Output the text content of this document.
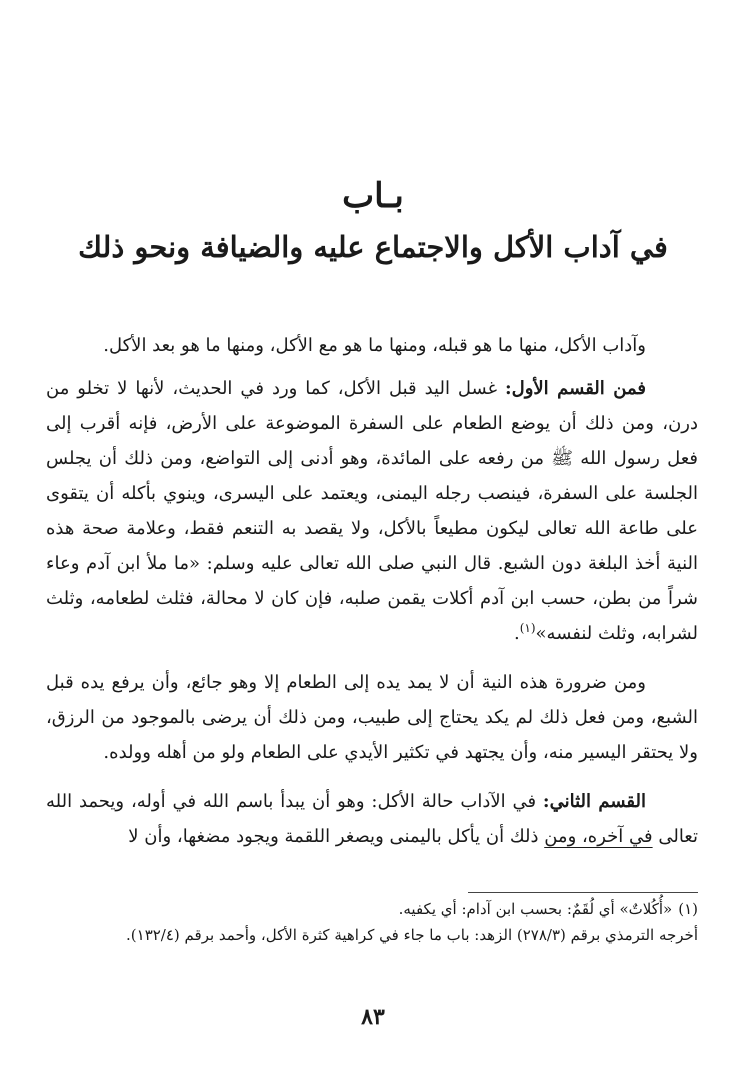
بـاب
في آداب الأكل والاجتماع عليه والضيافة ونحو ذلك

وآداب الأكل، منها ما هو قبله، ومنها ما هو مع الأكل، ومنها ما هو بعد الأكل.

فمن القسم الأول: غسل اليد قبل الأكل، كما ورد في الحديث، لأنها لا تخلو من درن، ومن ذلك أن يوضع الطعام على السفرة الموضوعة على الأرض، فإنه أقرب إلى فعل رسول الله ﷺ من رفعه على المائدة، وهو أدنى إلى التواضع، ومن ذلك أن يجلس الجلسة على السفرة، فينصب رجله اليمنى، ويعتمد على اليسرى، وينوي بأكله أن يتقوى على طاعة الله تعالى ليكون مطيعاً بالأكل، ولا يقصد به التنعم فقط، وعلامة صحة هذه النية أخذ البلغة دون الشبع. قال النبي صلى الله تعالى عليه وسلم: «ما ملأ ابن آدم وعاء شراً من بطن، حسب ابن آدم أكلات يقمن صلبه، فإن كان لا محالة، فثلث لطعامه، وثلث لشرابه، وثلث لنفسه»$^{(١)}$.

ومن ضرورة هذه النية أن لا يمد يده إلى الطعام إلا وهو جائع، وأن يرفع يده قبل الشبع، ومن فعل ذلك لم يكد يحتاج إلى طبيب، ومن ذلك أن يرضى بالموجود من الرزق، ولا يحتقر اليسير منه، وأن يجتهد في تكثير الأيدي على الطعام ولو من أهله وولده.

القسم الثاني: في الآداب حالة الأكل: وهو أن يبدأ باسم الله في أوله، ويحمد الله تعالى في آخره، ومن ذلك أن يأكل باليمنى ويصغر اللقمة ويجود مضغها، وأن لا

(١)«أُكُلاتٌ» أي لُقَمٌ: بحسب ابن آدام: أي يكفيه.

أخرجه الترمذي برقم (٢٧٨/٣) الزهد: باب ما جاء في كراهية كثرة الأكل، وأحمد برقم (١٣٢/٤).

٨٣
